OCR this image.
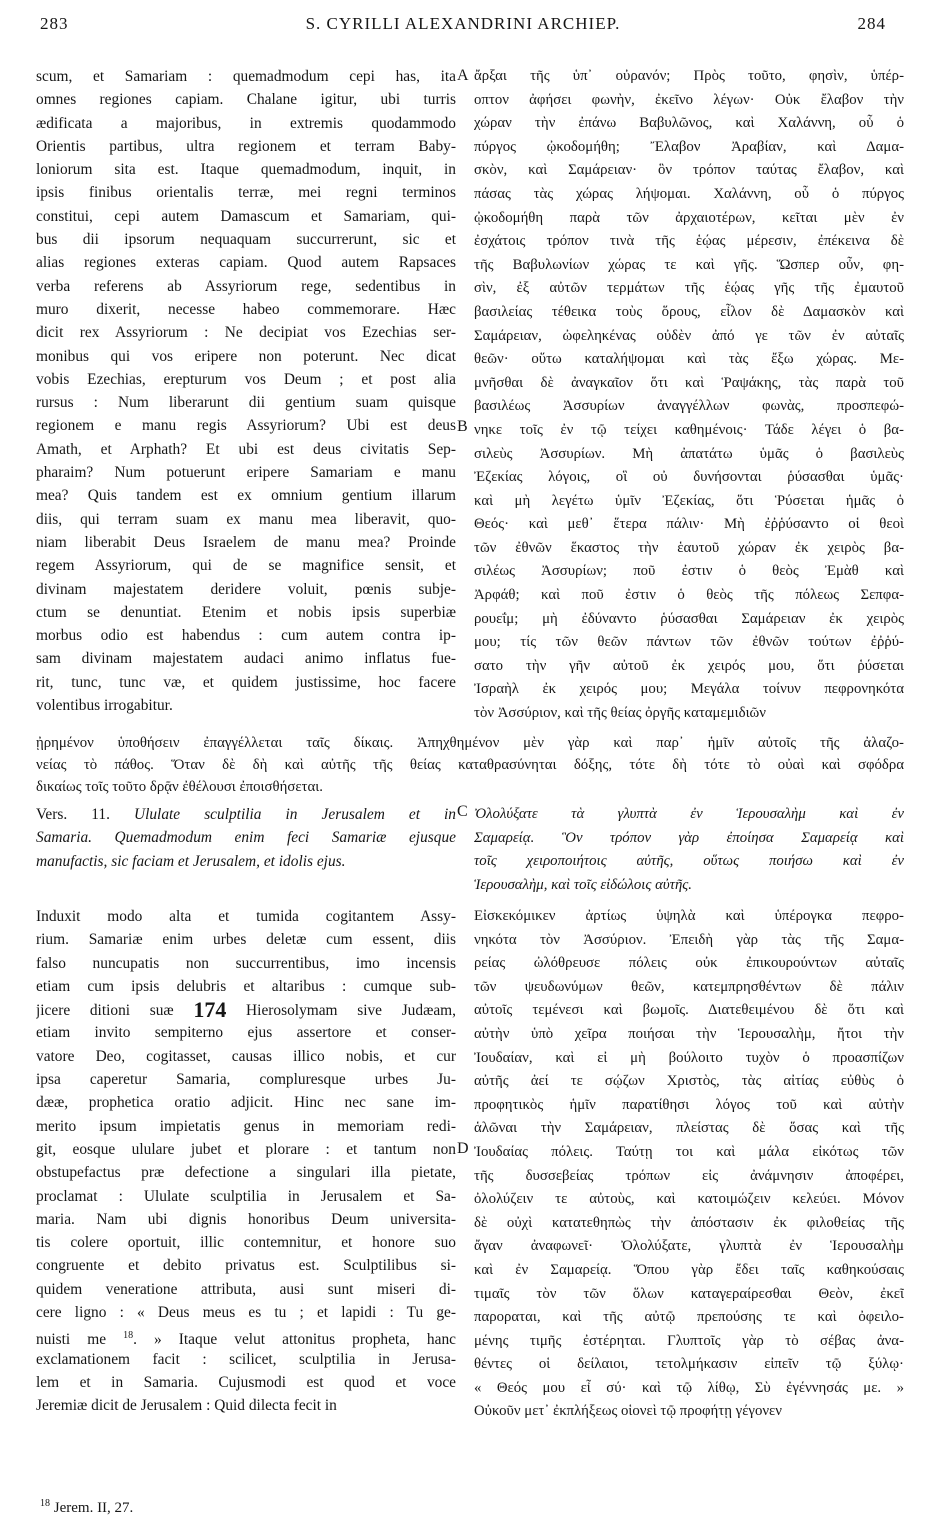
283	S. CYRILLI ALEXANDRINI ARCHIEP.	284
A
B
C
D
scum, et Samariam : quemadmodum cepi has, ita
omnes regiones capiam. Chalane igitur, ubi turris
ædificata a majoribus, in extremis quodammodo
Orientis partibus, ultra regionem et terram Baby-
loniorum sita est. Itaque quemadmodum, inquit, in
ipsis finibus orientalis terræ, mei regni terminos
constitui, cepi autem Damascum et Samariam, qui-
bus dii ipsorum nequaquam succurrerunt, sic et
alias regiones exteras capiam. Quod autem Rapsaces
verba referens ab Assyriorum rege, sedentibus in
muro dixerit, necesse habeo commemorare. Hæc
dicit rex Assyriorum : Ne decipiat vos Ezechias ser-
monibus qui vos eripere non poterunt. Nec dicat
vobis Ezechias, erepturum vos Deum ; et post alia
rursus : Num liberarunt dii gentium suam quisque
regionem e manu regis Assyriorum? Ubi est deus
Amath, et Arphath? Et ubi est deus civitatis Sep-
pharaim? Num potuerunt eripere Samariam e manu
mea? Quis tandem est ex omnium gentium illarum
diis, qui terram suam ex manu mea liberavit, quo-
niam liberabit Deus Israelem de manu mea? Proinde
regem Assyriorum, qui de se magnifice sensit, et
divinam majestatem deridere voluit, pœnis subje-
ctum se denuntiat. Etenim et nobis ipsis superbiæ
morbus odio est habendus : cum autem contra ip-
sam divinam majestatem audaci animo inflatus fue-
rit, tunc, tunc væ, et quidem justissime, hoc facere
volentibus irrogabitur.
ἄρξαι τῆς ὑπ᾽ οὐρανόν; Πρὸς τοῦτο, φησὶν, ὑπέρ-
οπτον ἀφήσει φωνὴν, ἐκεῖνο λέγων· Οὐκ ἔλαβον τὴν
χώραν τὴν ἐπάνω Βαβυλῶνος, καὶ Χαλάννη, οὗ ὁ
πύργος ᾠκοδομήθη; Ἔλαβον Ἀραβίαν, καὶ Δαμα-
σκὸν, καὶ Σαμάρειαν· ὃν τρόπον ταύτας ἔλαβον, καὶ
πάσας τὰς χώρας λήψομαι. Χαλάννη, οὗ ὁ πύργος
ᾠκοδομήθη παρὰ τῶν ἀρχαιοτέρων, κεῖται μὲν ἐν
ἐσχάτοις τρόπον τινὰ τῆς ἑῴας μέρεσιν, ἐπέκεινα δὲ
τῆς Βαβυλωνίων χώρας τε καὶ γῆς. Ὥσπερ οὖν, φη-
σὶν, ἐξ αὐτῶν τερμάτων τῆς ἑῴας γῆς τῆς ἐμαυτοῦ
βασιλείας τέθεικα τοὺς ὅρους, εἶλον δὲ Δαμασκὸν καὶ
Σαμάρειαν, ὠφεληκένας οὐδὲν ἀπό γε τῶν ἐν αὐταῖς
θεῶν· οὕτω καταλήψομαι καὶ τὰς ἔξω χώρας. Με-
μνῆσθαι δὲ ἀναγκαῖον ὅτι καὶ Ῥαψάκης, τὰς παρὰ τοῦ
βασιλέως Ἀσσυρίων ἀναγγέλλων φωνὰς, προσπεφώ-
νηκε τοῖς ἐν τῷ τείχει καθημένοις· Τάδε λέγει ὁ βα-
σιλεὺς Ἀσσυρίων. Μὴ ἀπατάτω ὑμᾶς ὁ βασιλεὺς
Ἐζεκίας λόγοις, οἳ οὐ δυνήσονται ῥύσασθαι ὑμᾶς·
καὶ μὴ λεγέτω ὑμῖν Ἐζεκίας, ὅτι Ῥύσεται ἡμᾶς ὁ
Θεός· καὶ μεθ᾽ ἕτερα πάλιν· Μὴ ἐῤῥύσαντο οἱ θεοὶ
τῶν ἐθνῶν ἕκαστος τὴν ἑαυτοῦ χώραν ἐκ χειρὸς βα-
σιλέως Ἀσσυρίων; ποῦ ἐστιν ὁ θεὸς Ἐμὰθ καὶ
Ἀρφάθ; καὶ ποῦ ἐστιν ὁ θεὸς τῆς πόλεως Σεπφα-
ρουεΐμ; μὴ ἐδύναντο ῥύσασθαι Σαμάρειαν ἐκ χειρὸς
μου; τίς τῶν θεῶν πάντων τῶν ἐθνῶν τούτων ἐῤῥύ-
σατο τὴν γῆν αὐτοῦ ἐκ χειρός μου, ὅτι ῥύσεται
Ἰσραὴλ ἐκ χειρός μου; Μεγάλα τοίνυν πεφρονηκότα
τὸν Ἀσσύριον, καὶ τῆς θείας ὀργῆς καταμεμιδιῶν
ᾐρημένον ὑποθήσειν ἐπαγγέλλεται ταῖς δίκαις. Ἀπηχθημένον μὲν γὰρ καὶ παρ᾽ ἡμῖν αὐτοῖς τῆς ἀλαζο-
νείας τὸ πάθος. Ὅταν δὲ δὴ καὶ αὐτῆς τῆς θείας καταθρασύνηται δόξης, τότε δὴ τότε τὸ οὐαὶ καὶ σφόδρα
δικαίως τοῖς τοῦτο δρᾷν ἐθέλουσι ἐποισθήσεται.
Vers. 11. Ululate sculptilia in Jerusalem et in
Samaria. Quemadmodum enim feci Samariæ ejusque
manufactis, sic faciam et Jerusalem, et idolis ejus.
Ὀλολύξατε τὰ γλυπτὰ ἐν Ἱερουσαλὴμ καὶ ἐν
Σαμαρείᾳ. Ὃν τρόπον γὰρ ἐποίησα Σαμαρείᾳ καὶ
τοῖς χειροποιήτοις αὐτῆς, οὕτως ποιήσω καὶ ἐν
Ἱερουσαλὴμ, καὶ τοῖς εἰδώλοις αὐτῆς.
Induxit modo alta et tumida cogitantem Assy-
rium. Samariæ enim urbes deletæ cum essent, diis
falso nuncupatis non succurrentibus, imo incensis
etiam cum ipsis delubris et altaribus : cumque sub-
jicere ditioni suæ 174 Hierosolymam sive Judæam,
etiam invito sempiterno ejus assertore et conser-
vatore Deo, cogitasset, causas illico nobis, et cur
ipsa caperetur Samaria, compluresque urbes Ju-
dææ, prophetica oratio adjicit. Hinc nec sane im-
merito ipsum impietatis genus in memoriam redi-
git, eosque ululare jubet et plorare : et tantum non
obstupefactus præ defectione a singulari illa pietate,
proclamat : Ululate sculptilia in Jerusalem et Sa-
maria. Nam ubi dignis honoribus Deum universita-
tis colere oportuit, illic contemnitur, et honore suo
congruente et debito privatus est. Sculptilibus si-
quidem veneratione attributa, ausi sunt miseri di-
cere ligno : « Deus meus es tu ; et lapidi : Tu ge-
nuisti me $^{18}$. » Itaque velut attonitus propheta, hanc
exclamationem facit : scilicet, sculptilia in Jerusa-
lem et in Samaria. Cujusmodi est quod et voce
Jeremiæ dicit de Jerusalem : Quid dilecta fecit in
Εἰσκεκόμικεν ἀρτίως ὑψηλὰ καὶ ὑπέρογκα πεφρο-
νηκότα τὸν Ἀσσύριον. Ἐπειδὴ γὰρ τὰς τῆς Σαμα-
ρείας ὠλόθρευσε πόλεις οὐκ ἐπικουρούντων αὐταῖς
τῶν ψευδωνύμων θεῶν, κατεμπρησθέντων δὲ πάλιν
αὐτοῖς τεμένεσι καὶ βωμοῖς. Διατεθειμένου δὲ ὅτι καὶ
αὐτὴν ὑπὸ χεῖρα ποιήσαι τὴν Ἱερουσαλὴμ, ἤτοι τὴν
Ἰουδαίαν, καὶ εἰ μὴ βούλοιτο τυχὸν ὁ προασπίζων
αὐτῆς ἀεί τε σῴζων Χριστὸς, τὰς αἰτίας εὐθὺς ὁ
προφητικὸς ἡμῖν παρατίθησι λόγος τοῦ καὶ αὐτὴν
ἁλῶναι τὴν Σαμάρειαν, πλείστας δὲ ὅσας καὶ τῆς
Ἰουδαίας πόλεις. Ταύτῃ τοι καὶ μάλα εἰκότως τῶν
τῆς δυσσεβείας τρόπων εἰς ἀνάμνησιν ἀποφέρει,
ὀλολύζειν τε αὐτοὺς, καὶ κατοιμώζειν κελεύει. Μόνον
δὲ οὐχὶ κατατεθηπὼς τὴν ἀπόστασιν ἐκ φιλοθείας τῆς
ἄγαν ἀναφωνεῖ· Ὀλολύξατε, γλυπτὰ ἐν Ἱερουσαλὴμ
καὶ ἐν Σαμαρείᾳ. Ὅπου γὰρ ἔδει ταῖς καθηκούσαις
τιμαῖς τὸν τῶν ὅλων καταγεραίρεσθαι Θεὸν, ἐκεῖ
παροραται, καὶ τῆς αὐτῷ πρεπούσης τε καὶ ὀφειλο-
μένης τιμῆς ἐστέρηται. Γλυπτοῖς γὰρ τὸ σέβας ἀνα-
θέντες οἱ δείλαιοι, τετολμήκασιν εἰπεῖν τῷ ξύλῳ·
« Θεός μου εἶ σύ· καὶ τῷ λίθῳ, Σὺ ἐγέννησάς με. »
Οὐκοῦν μετ᾽ ἐκπλήξεως οἱονεὶ τῷ προφήτῃ γέγονεν
$^{18}$ Jerem. II, 27.
